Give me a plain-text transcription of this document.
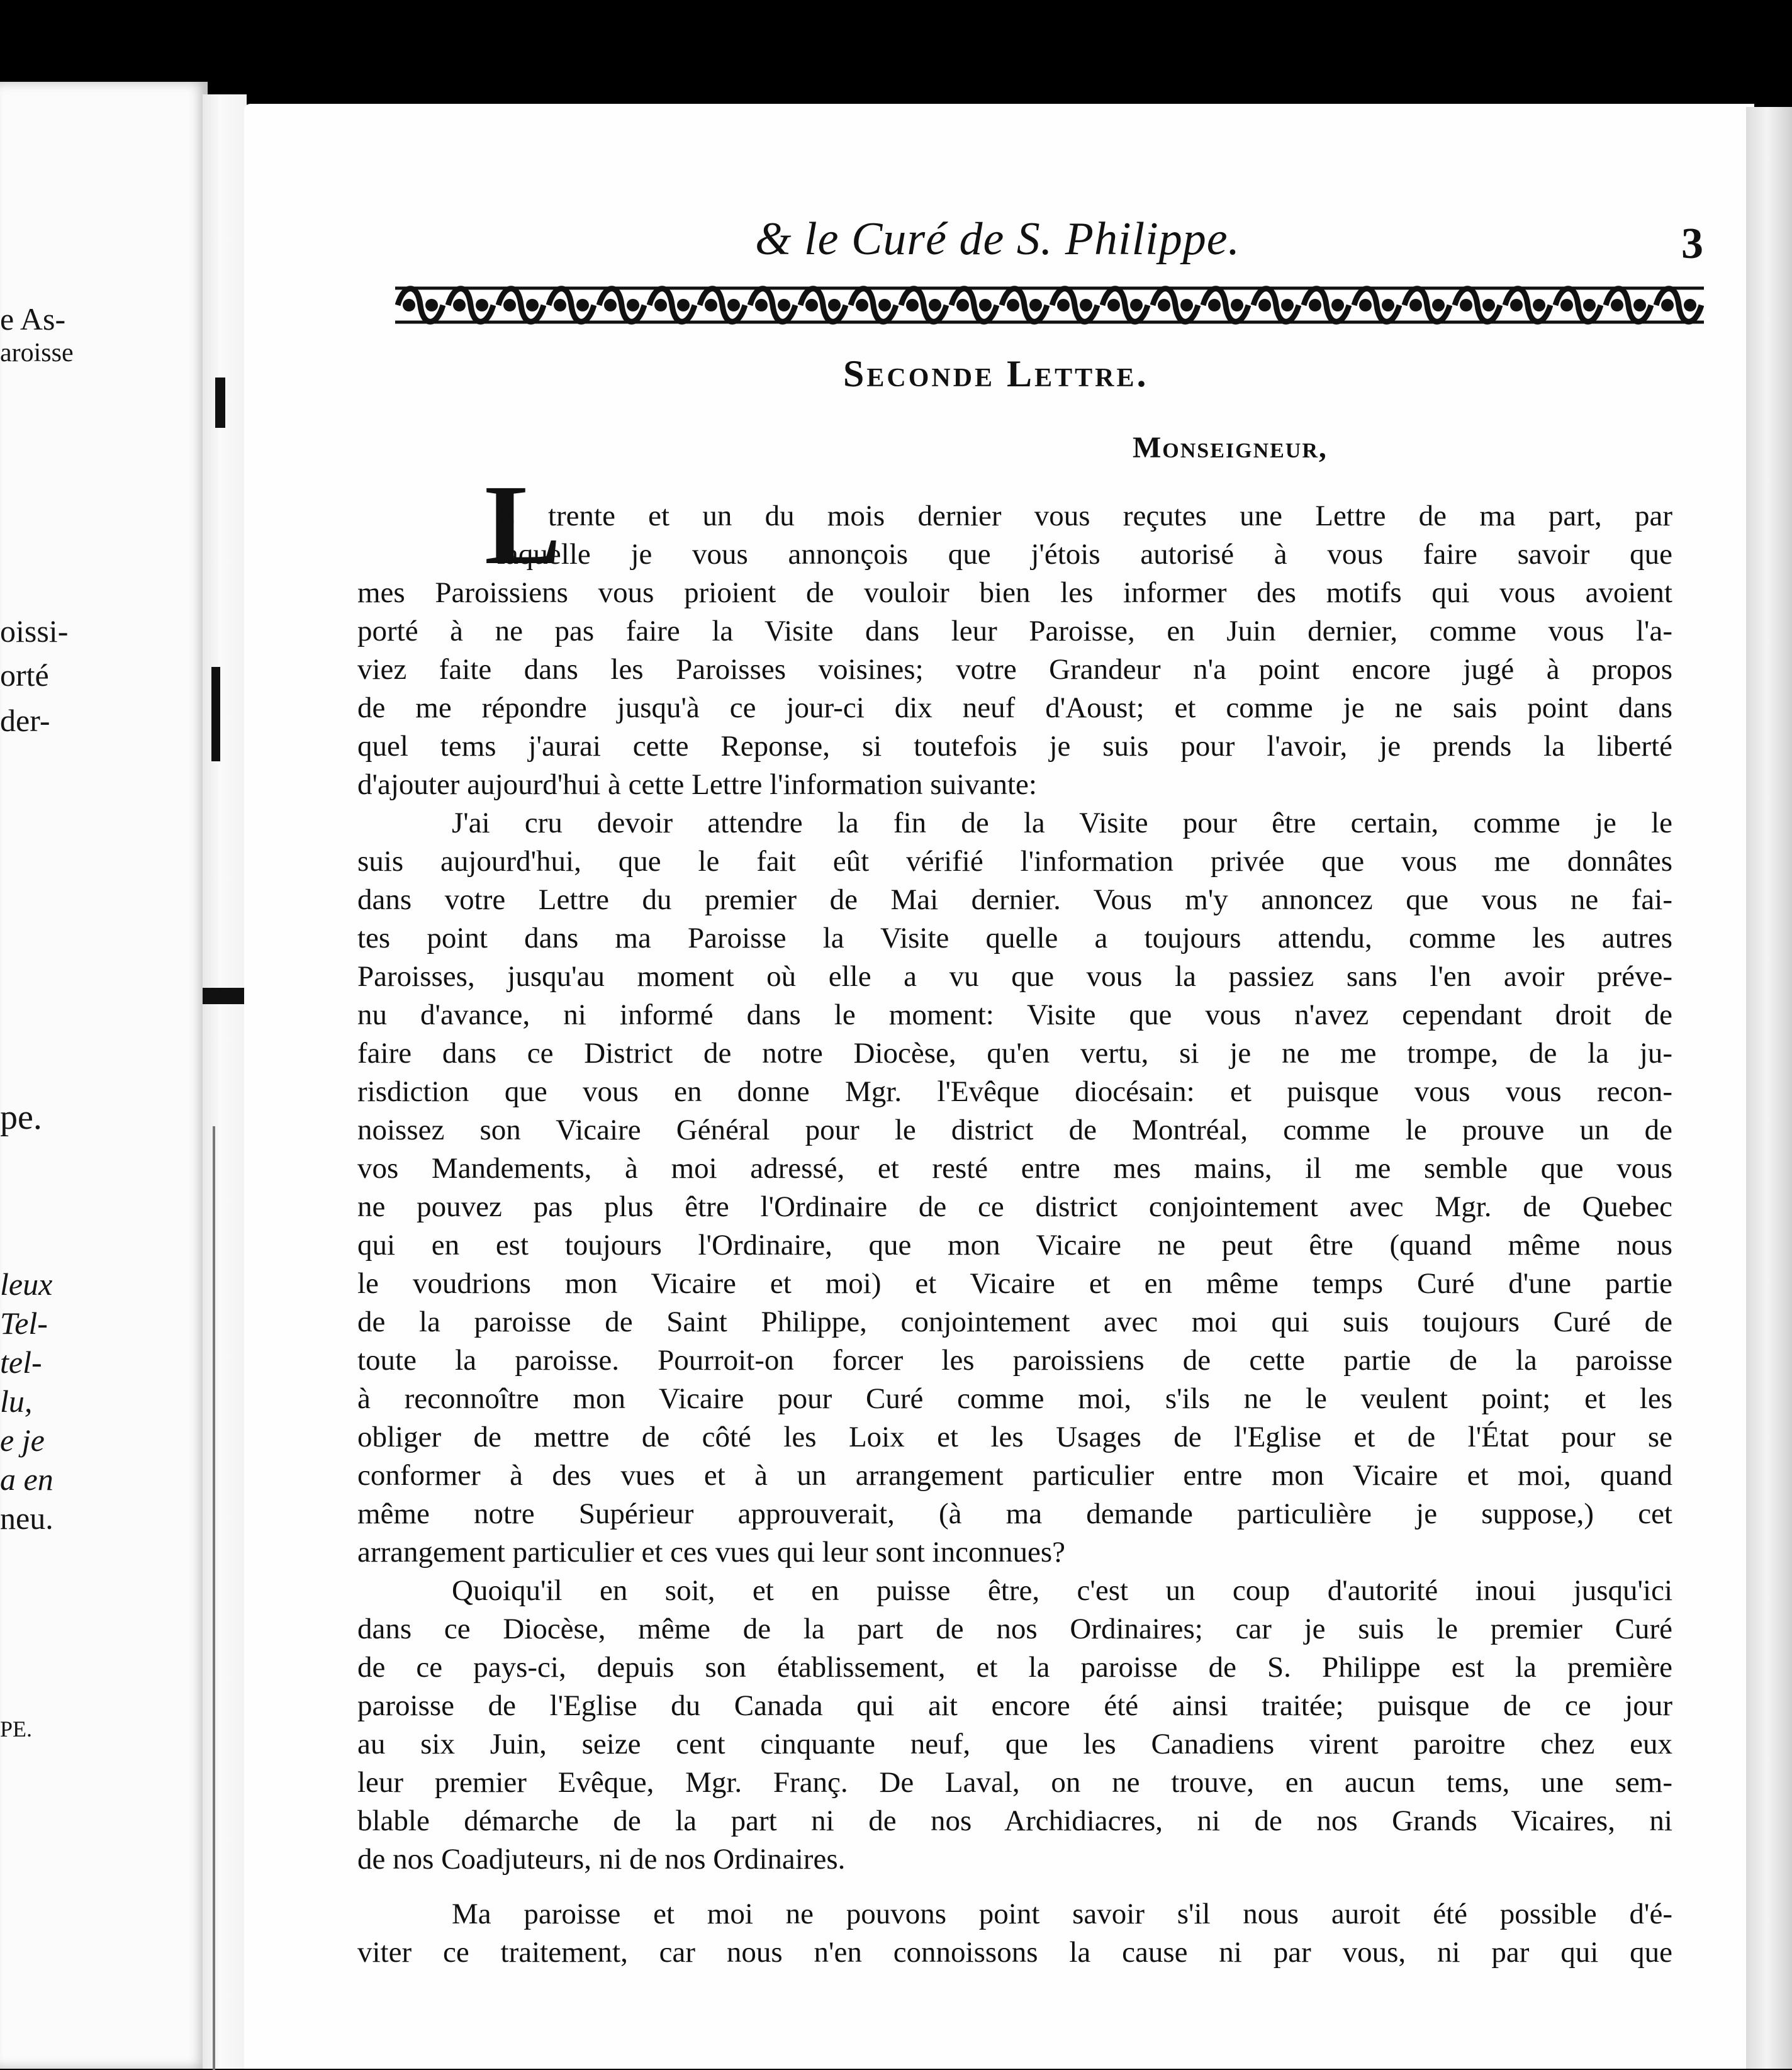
e As-
aroisse
oissi-
orté
der-
pe.
leux
Tel-
tel-
lu,
e je
a en
neu.
PE.
& le Curé de S. Philippe.	3
Seconde Lettre.
Monseigneur,
L
E trente et un du mois dernier vous reçutes une Lettre de ma part, par
laquelle je vous annonçois que j'étois autorisé à vous faire savoir que
mes Paroissiens vous prioient de vouloir bien les informer des motifs qui vous avoient
porté à ne pas faire la Visite dans leur Paroisse, en Juin dernier, comme vous l'a-
viez faite dans les Paroisses voisines; votre Grandeur n'a point encore jugé à propos
de me répondre jusqu'à ce jour-ci dix neuf d'Aoust; et comme je ne sais point dans
quel tems j'aurai cette Reponse, si toutefois je suis pour l'avoir, je prends la liberté
d'ajouter aujourd'hui à cette Lettre l'information suivante:
J'ai cru devoir attendre la fin de la Visite pour être certain, comme je le
suis aujourd'hui, que le fait eût vérifié l'information privée que vous me donnâtes
dans votre Lettre du premier de Mai dernier. Vous m'y annoncez que vous ne fai-
tes point dans ma Paroisse la Visite quelle a toujours attendu, comme les autres
Paroisses, jusqu'au moment où elle a vu que vous la passiez sans l'en avoir préve-
nu d'avance, ni informé dans le moment: Visite que vous n'avez cependant droit de
faire dans ce District de notre Diocèse, qu'en vertu, si je ne me trompe, de la ju-
risdiction que vous en donne Mgr. l'Evêque diocésain: et puisque vous vous recon-
noissez son Vicaire Général pour le district de Montréal, comme le prouve un de
vos Mandements, à moi adressé, et resté entre mes mains, il me semble que vous
ne pouvez pas plus être l'Ordinaire de ce district conjointement avec Mgr. de Quebec
qui en est toujours l'Ordinaire, que mon Vicaire ne peut être (quand même nous
le voudrions mon Vicaire et moi) et Vicaire et en même temps Curé d'une partie
de la paroisse de Saint Philippe, conjointement avec moi qui suis toujours Curé de
toute la paroisse. Pourroit-on forcer les paroissiens de cette partie de la paroisse
à reconnoître mon Vicaire pour Curé comme moi, s'ils ne le veulent point; et les
obliger de mettre de côté les Loix et les Usages de l'Eglise et de l'État pour se
conformer à des vues et à un arrangement particulier entre mon Vicaire et moi, quand
même notre Supérieur approuverait, (à ma demande particulière je suppose,) cet
arrangement particulier et ces vues qui leur sont inconnues?
Quoiqu'il en soit, et en puisse être, c'est un coup d'autorité inoui jusqu'ici
dans ce Diocèse, même de la part de nos Ordinaires; car je suis le premier Curé
de ce pays-ci, depuis son établissement, et la paroisse de S. Philippe est la première
paroisse de l'Eglise du Canada qui ait encore été ainsi traitée; puisque de ce jour
au six Juin, seize cent cinquante neuf, que les Canadiens virent paroitre chez eux
leur premier Evêque, Mgr. Franç. De Laval, on ne trouve, en aucun tems, une sem-
blable démarche de la part ni de nos Archidiacres, ni de nos Grands Vicaires, ni
de nos Coadjuteurs, ni de nos Ordinaires.
Ma paroisse et moi ne pouvons point savoir s'il nous auroit été possible d'é-
viter ce traitement, car nous n'en connoissons la cause ni par vous, ni par qui que
